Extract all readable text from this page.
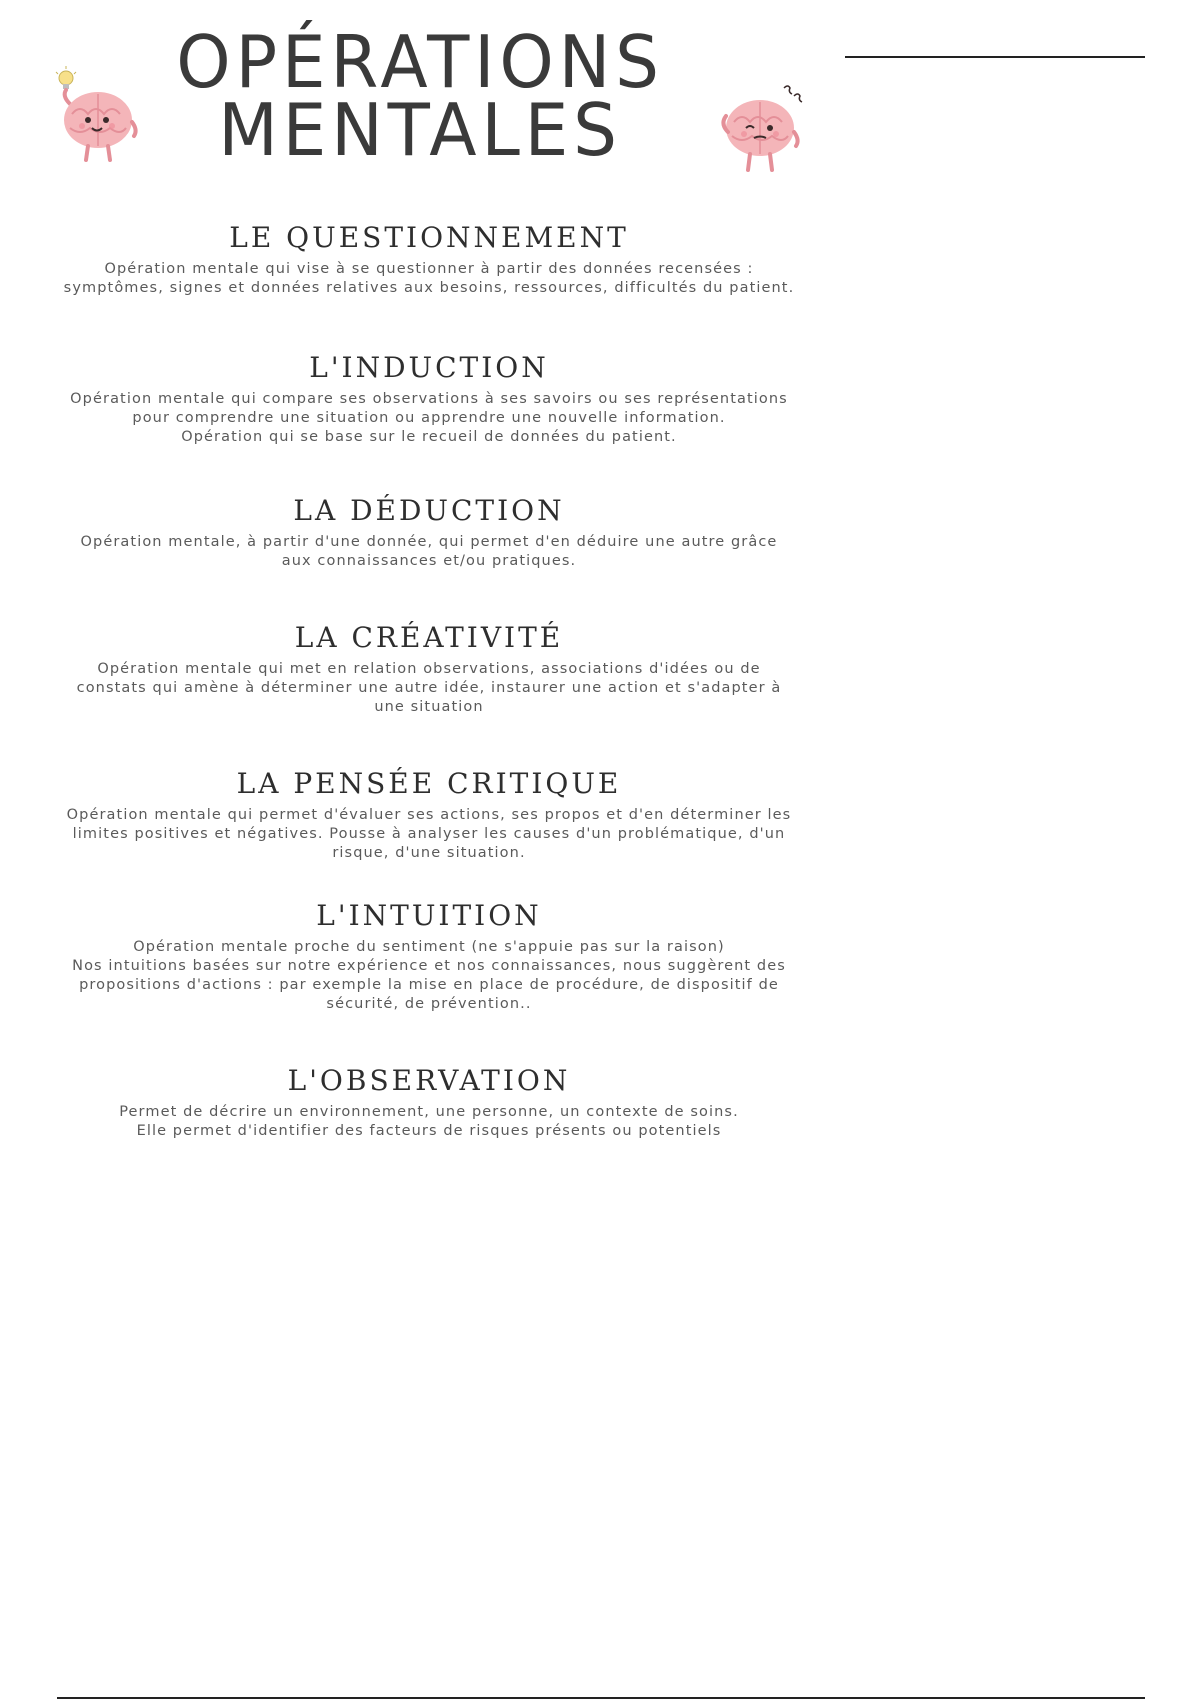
OPÉRATIONS
MENTALES
LE QUESTIONNEMENT

Opération mentale qui vise à se questionner à partir des données recensées :
symptômes, signes et données relatives aux besoins, ressources, difficultés du patient.

L'INDUCTION

Opération mentale qui compare ses observations à ses savoirs ou ses représentations
pour comprendre une situation ou apprendre une nouvelle information.
Opération qui se base sur le recueil de données du patient.

LA DÉDUCTION

Opération mentale, à partir d'une donnée, qui permet d'en déduire une autre grâce
aux connaissances et/ou pratiques.

LA CRÉATIVITÉ

Opération mentale qui met en relation observations, associations d'idées ou de
constats qui amène à déterminer une autre idée, instaurer une action et s'adapter à
une situation

LA PENSÉE CRITIQUE

Opération mentale qui permet d'évaluer ses actions, ses propos et d'en déterminer les
limites positives et négatives. Pousse à analyser les causes d'un problématique, d'un
risque, d'une situation.

L'INTUITION

Opération mentale proche du sentiment (ne s'appuie pas sur la raison)
Nos intuitions basées sur notre expérience et nos connaissances, nous suggèrent des
propositions d'actions : par exemple la mise en place de procédure, de dispositif de
sécurité, de prévention..

L'OBSERVATION

Permet de décrire un environnement, une personne, un contexte de soins.
Elle permet d'identifier des facteurs de risques présents ou potentiels
